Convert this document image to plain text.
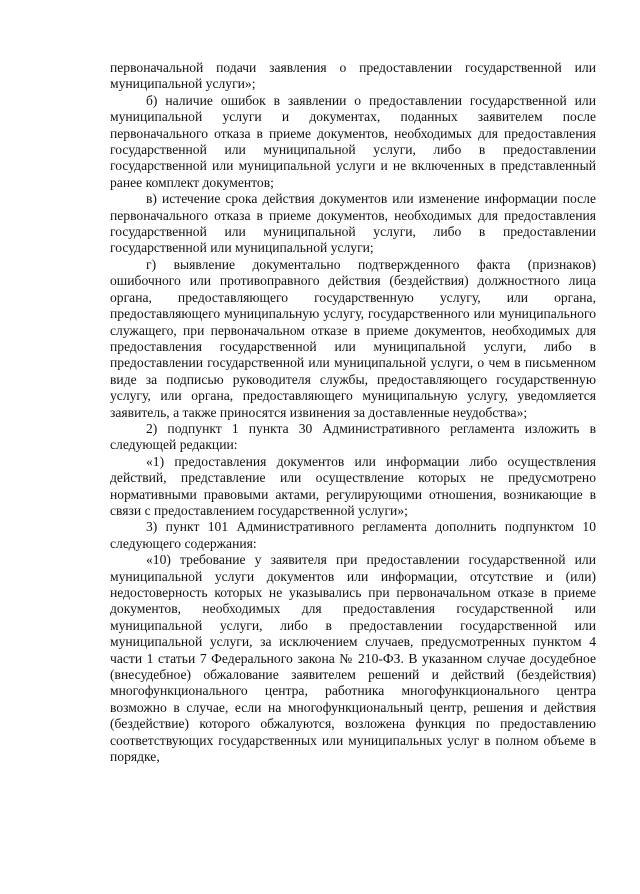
первоначальной подачи заявления о предоставлении государственной или муниципальной услуги»;

б) наличие ошибок в заявлении о предоставлении государственной или муниципальной услуги и документах, поданных заявителем после первоначального отказа в приеме документов, необходимых для предоставления государственной или муниципальной услуги, либо в предоставлении государственной или муниципальной услуги и не включенных в представленный ранее комплект документов;

в) истечение срока действия документов или изменение информации после первоначального отказа в приеме документов, необходимых для предоставления государственной или муниципальной услуги, либо в предоставлении государственной или муниципальной услуги;

г) выявление документально подтвержденного факта (признаков) ошибочного или противоправного действия (бездействия) должностного лица органа, предоставляющего государственную услугу, или органа, предоставляющего муниципальную услугу, государственного или муниципального служащего, при первоначальном отказе в приеме документов, необходимых для предоставления государственной или муниципальной услуги, либо в предоставлении государственной или муниципальной услуги, о чем в письменном виде за подписью руководителя службы, предоставляющего государственную услугу, или органа, предоставляющего муниципальную услугу, уведомляется заявитель, а также приносятся извинения за доставленные неудобства»;

2) подпункт 1 пункта 30 Административного регламента изложить в следующей редакции:

«1) предоставления документов или информации либо осуществления действий, представление или осуществление которых не предусмотрено нормативными правовыми актами, регулирующими отношения, возникающие в связи с предоставлением государственной услуги»;

3) пункт 101 Административного регламента дополнить подпунктом 10 следующего содержания:

«10) требование у заявителя при предоставлении государственной или муниципальной услуги документов или информации, отсутствие и (или) недостоверность которых не указывались при первоначальном отказе в приеме документов, необходимых для предоставления государственной или муниципальной услуги, либо в предоставлении государственной или муниципальной услуги, за исключением случаев, предусмотренных пунктом 4 части 1 статьи 7 Федерального закона № 210-ФЗ. В указанном случае досудебное (внесудебное) обжалование заявителем решений и действий (бездействия) многофункционального центра, работника многофункционального центра возможно в случае, если на многофункциональный центр, решения и действия (бездействие) которого обжалуются, возложена функция по предоставлению соответствующих государственных или муниципальных услуг в полном объеме в порядке,
